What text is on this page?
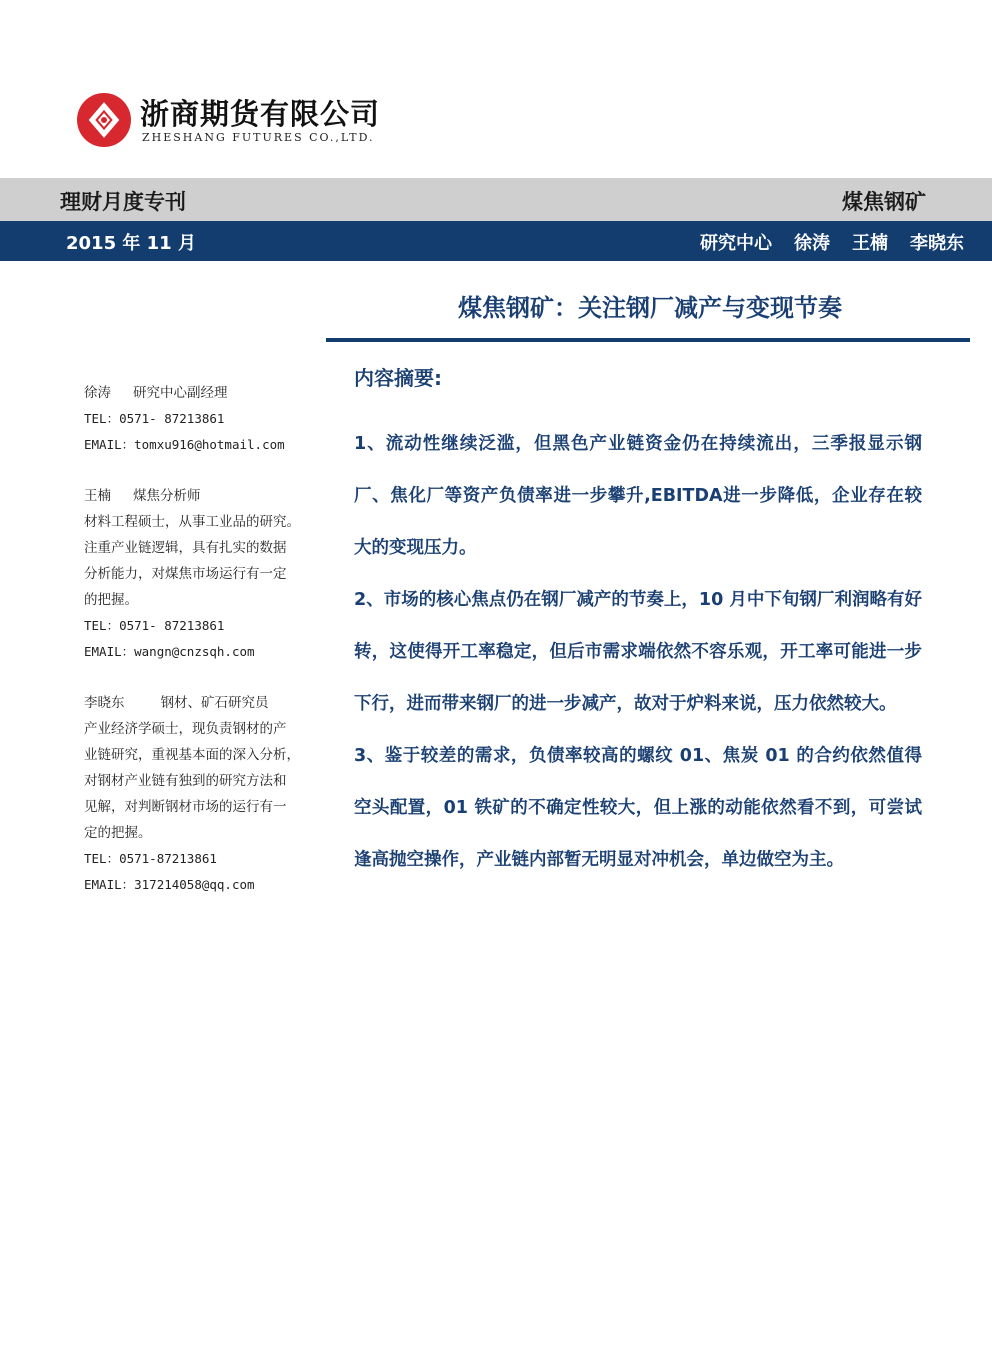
浙商期货有限公司
ZHESHANG FUTURES CO.,LTD.
理财月度专刊	煤焦钢矿
2015 年 11 月	研究中心 徐涛 王楠 李晓东
煤焦钢矿：关注钢厂减产与变现节奏
徐涛 研究中心副经理
TEL：0571- 87213861
EMAIL：tomxu916@hotmail.com
王楠 煤焦分析师
材料工程硕士，从事工业品的研究。
注重产业链逻辑，具有扎实的数据
分析能力，对煤焦市场运行有一定
的把握。
TEL：0571- 87213861
EMAIL：wangn@cnzsqh.com
李晓东	钢材、矿石研究员
产业经济学硕士，现负责钢材的产
业链研究，重视基本面的深入分析，
对钢材产业链有独到的研究方法和
见解，对判断钢材市场的运行有一
定的把握。
TEL：0571-87213861
EMAIL：317214058@qq.com
内容摘要:

1、流动性继续泛滥，但黑色产业链资金仍在持续流出，三季报显示钢厂、焦化厂等资产负债率进一步攀升,EBITDA进一步降低，企业存在较大的变现压力。

2、市场的核心焦点仍在钢厂减产的节奏上，10 月中下旬钢厂利润略有好转，这使得开工率稳定，但后市需求端依然不容乐观，开工率可能进一步下行，进而带来钢厂的进一步减产，故对于炉料来说，压力依然较大。

3、鉴于较差的需求，负债率较高的螺纹 01、焦炭 01 的合约依然值得空头配置，01 铁矿的不确定性较大，但上涨的动能依然看不到，可尝试逢高抛空操作，产业链内部暂无明显对冲机会，单边做空为主。
